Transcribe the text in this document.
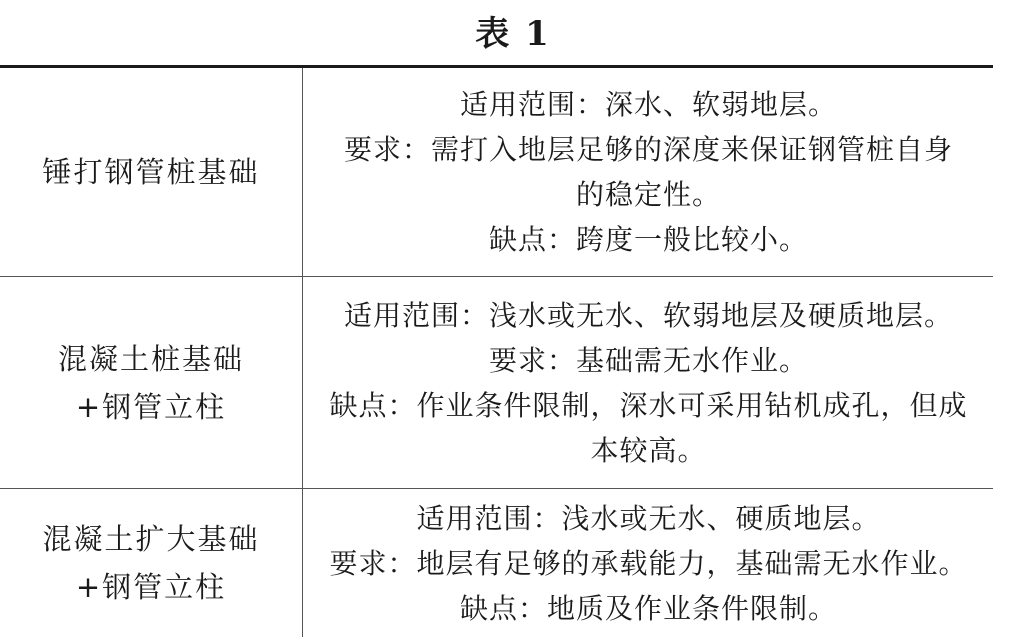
表 1
锤打钢管桩基础
适用范围：深水、软弱地层。
要求：需打入地层足够的深度来保证钢管桩自身
的稳定性。
缺点：跨度一般比较小。
混凝土桩基础
+钢管立柱
适用范围：浅水或无水、软弱地层及硬质地层。
要求：基础需无水作业。
缺点：作业条件限制，深水可采用钻机成孔，但成
本较高。
混凝土扩大基础
+钢管立柱
适用范围：浅水或无水、硬质地层。
要求：地层有足够的承载能力，基础需无水作业。
缺点：地质及作业条件限制。
